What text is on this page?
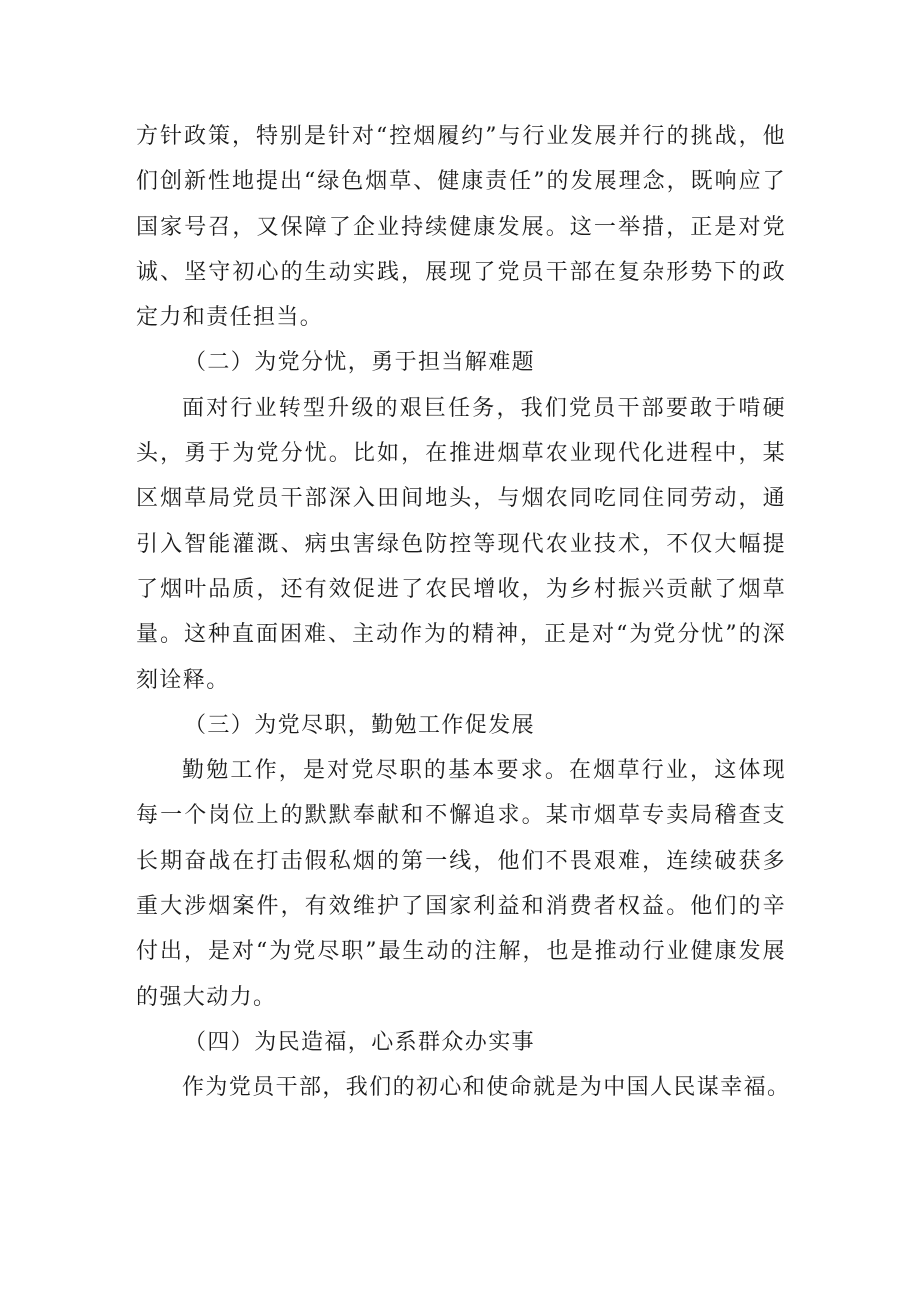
方针政策，特别是针对“控烟履约”与行业发展并行的挑战，他
们创新性地提出“绿色烟草、健康责任”的发展理念，既响应了
国家号召，又保障了企业持续健康发展。这一举措，正是对党
诚、坚守初心的生动实践，展现了党员干部在复杂形势下的政
定力和责任担当。
（二）为党分忧，勇于担当解难题
面对行业转型升级的艰巨任务，我们党员干部要敢于啃硬
头，勇于为党分忧。比如，在推进烟草农业现代化进程中，某
区烟草局党员干部深入田间地头，与烟农同吃同住同劳动，通
引入智能灌溉、病虫害绿色防控等现代农业技术，不仅大幅提
了烟叶品质，还有效促进了农民增收，为乡村振兴贡献了烟草
量。这种直面困难、主动作为的精神，正是对“为党分忧”的深
刻诠释。
（三）为党尽职，勤勉工作促发展
勤勉工作，是对党尽职的基本要求。在烟草行业，这体现
每一个岗位上的默默奉献和不懈追求。某市烟草专卖局稽查支
长期奋战在打击假私烟的第一线，他们不畏艰难，连续破获多
重大涉烟案件，有效维护了国家利益和消费者权益。他们的辛
付出，是对“为党尽职”最生动的注解，也是推动行业健康发展
的强大动力。
（四）为民造福，心系群众办实事
作为党员干部，我们的初心和使命就是为中国人民谋幸福。
